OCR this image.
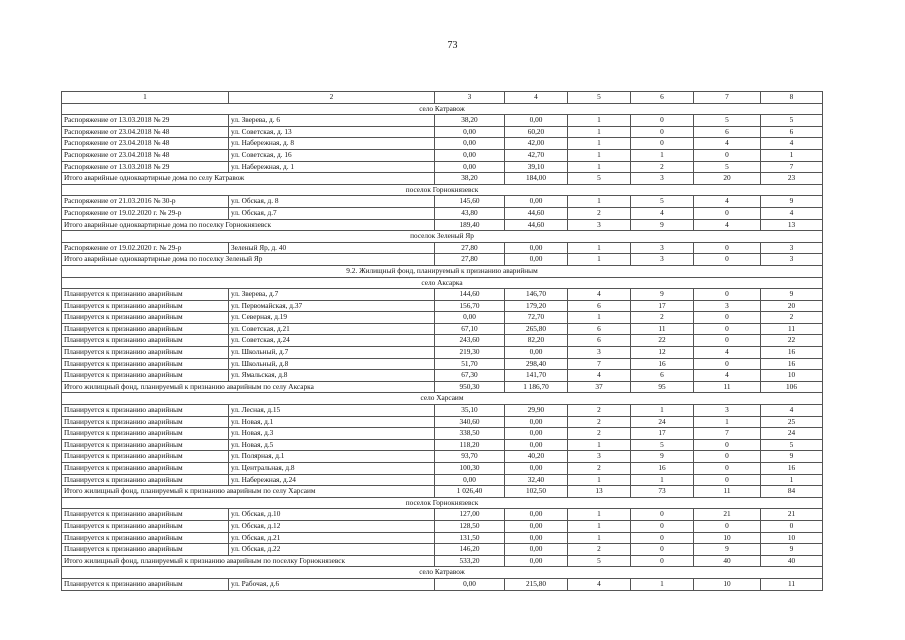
73
1	2	3	4	5	6	7	8
село Катравож							
Распоряжение от 13.03.2018 № 29	ул. Зверева, д. 6	38,20	0,00	1	0	5	5
Распоряжение от 23.04.2018 № 48	ул. Советская, д. 13	0,00	60,20	1	0	6	6
Распоряжение от 23.04.2018 № 48	ул. Набережная, д. 8	0,00	42,00	1	0	4	4
Распоряжение от 23.04.2018 № 48	ул. Советская, д. 16	0,00	42,70	1	1	0	1
Распоряжение от 13.03.2018 № 29	ул. Набережная, д. 1	0,00	39,10	1	2	5	7
Итого аварийные одноквартирные дома по селу Катравож		38,20	184,00	5	3	20	23
поселок Горнокнязевск							
Распоряжение от 21.03.2016 № 30-р	ул. Обская, д. 8	145,60	0,00	1	5	4	9
Распоряжение от 19.02.2020 г. № 29-р	ул. Обская, д.7	43,80	44,60	2	4	0	4
Итого аварийные одноквартирные дома по поселку Горнокнязевск		189,40	44,60	3	9	4	13
поселок Зеленый Яр							
Распоряжение от 19.02.2020 г. № 29-р	Зеленый Яр, д. 40	27,80	0,00	1	3	0	3
Итого аварийные одноквартирные дома по поселку Зеленый Яр		27,80	0,00	1	3	0	3
9.2. Жилищный фонд, планируемый к признанию аварийным							
село Аксарка							
Планируется к признанию аварийным	ул. Зверева, д.7	144,60	146,70	4	9	0	9
Планируется к признанию аварийным	ул. Первомайская, д.37	156,70	179,20	6	17	3	20
Планируется к признанию аварийным	ул. Северная, д.19	0,00	72,70	1	2	0	2
Планируется к признанию аварийным	ул. Советская, д.21	67,10	265,80	6	11	0	11
Планируется к признанию аварийным	ул. Советская, д.24	243,60	82,20	6	22	0	22
Планируется к признанию аварийным	ул. Школьный, д.7	219,30	0,00	3	12	4	16
Планируется к признанию аварийным	ул. Школьный, д.8	51,70	298,40	7	16	0	16
Планируется к признанию аварийным	ул. Ямальская, д.8	67,30	141,70	4	6	4	10
Итого жилищный фонд, планируемый к признанию аварийным по селу Аксарка		950,30	1 186,70	37	95	11	106
село Харсаим							
Планируется к признанию аварийным	ул. Лесная, д.15	35,10	29,90	2	1	3	4
Планируется к признанию аварийным	ул. Новая, д.1	340,60	0,00	2	24	1	25
Планируется к признанию аварийным	ул. Новая, д.3	338,50	0,00	2	17	7	24
Планируется к признанию аварийным	ул. Новая, д.5	118,20	0,00	1	5	0	5
Планируется к признанию аварийным	ул. Полярная, д.1	93,70	40,20	3	9	0	9
Планируется к признанию аварийным	ул. Центральная, д.8	100,30	0,00	2	16	0	16
Планируется к признанию аварийным	ул. Набережная, д.24	0,00	32,40	1	1	0	1
Итого жилищный фонд, планируемый к признанию аварийным по селу Харсаим		1 026,40	102,50	13	73	11	84
поселок Горнокнязевск							
Планируется к признанию аварийным	ул. Обская, д.10	127,00	0,00	1	0	21	21
Планируется к признанию аварийным	ул. Обская, д.12	128,50	0,00	1	0	0	0
Планируется к признанию аварийным	ул. Обская, д.21	131,50	0,00	1	0	10	10
Планируется к признанию аварийным	ул. Обская, д.22	146,20	0,00	2	0	9	9
Итого жилищный фонд, планируемый к признанию аварийным по поселку Горнокнязевск		533,20	0,00	5	0	40	40
село Катравож							
Планируется к признанию аварийным	ул. Рабочая, д.6	0,00	215,80	4	1	10	11
